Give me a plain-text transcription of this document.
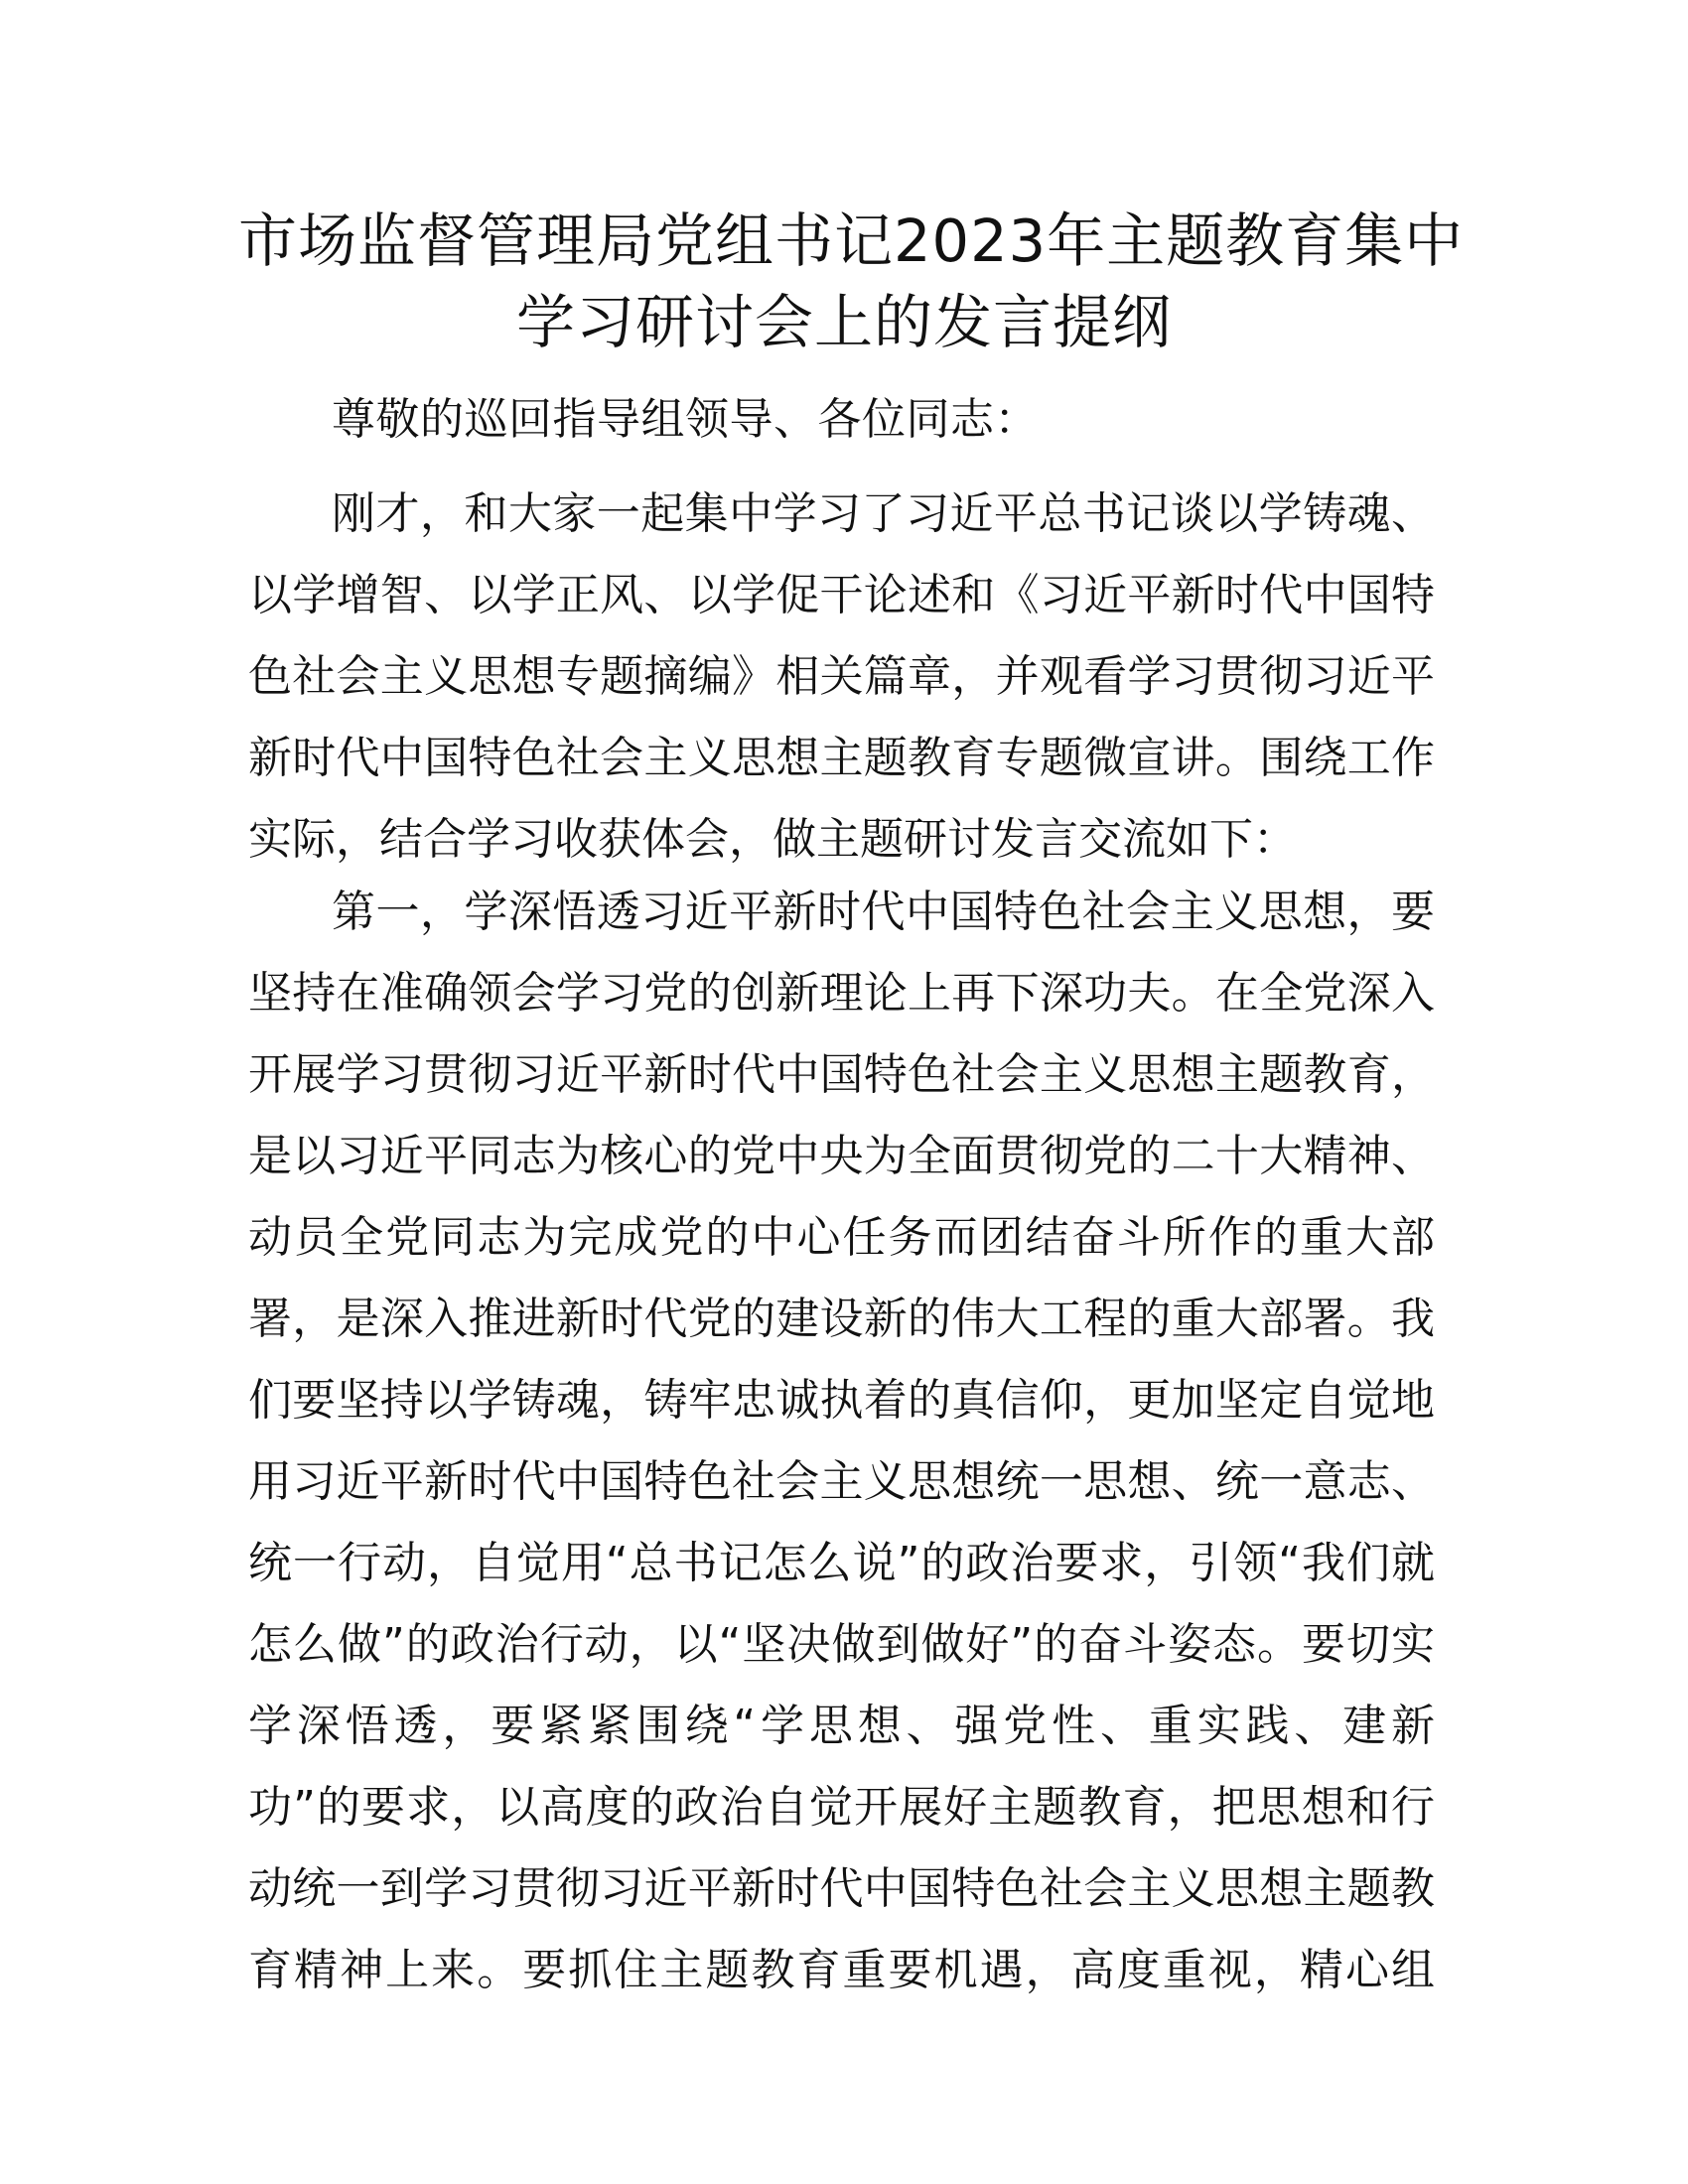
市场监督管理局党组书记2023年主题教育集中
学习研讨会上的发言提纲

尊敬的巡回指导组领导、各位同志：

刚才，和大家一起集中学习了习近平总书记谈以学铸魂、
以学增智、以学正风、以学促干论述和《习近平新时代中国特
色社会主义思想专题摘编》相关篇章，并观看学习贯彻习近平
新时代中国特色社会主义思想主题教育专题微宣讲。围绕工作
实际，结合学习收获体会，做主题研讨发言交流如下：
第一，学深悟透习近平新时代中国特色社会主义思想，要
坚持在准确领会学习党的创新理论上再下深功夫。在全党深入
开展学习贯彻习近平新时代中国特色社会主义思想主题教育，
是以习近平同志为核心的党中央为全面贯彻党的二十大精神、
动员全党同志为完成党的中心任务而团结奋斗所作的重大部
署，是深入推进新时代党的建设新的伟大工程的重大部署。我
们要坚持以学铸魂，铸牢忠诚执着的真信仰，更加坚定自觉地
用习近平新时代中国特色社会主义思想统一思想、统一意志、
统一行动，自觉用“总书记怎么说”的政治要求，引领“我们就
怎么做”的政治行动，以“坚决做到做好”的奋斗姿态。要切实
学深悟透，要紧紧围绕“学思想、强党性、重实践、建新
功”的要求，以高度的政治自觉开展好主题教育，把思想和行
动统一到学习贯彻习近平新时代中国特色社会主义思想主题教
育精神上来。要抓住主题教育重要机遇，高度重视，精心组
